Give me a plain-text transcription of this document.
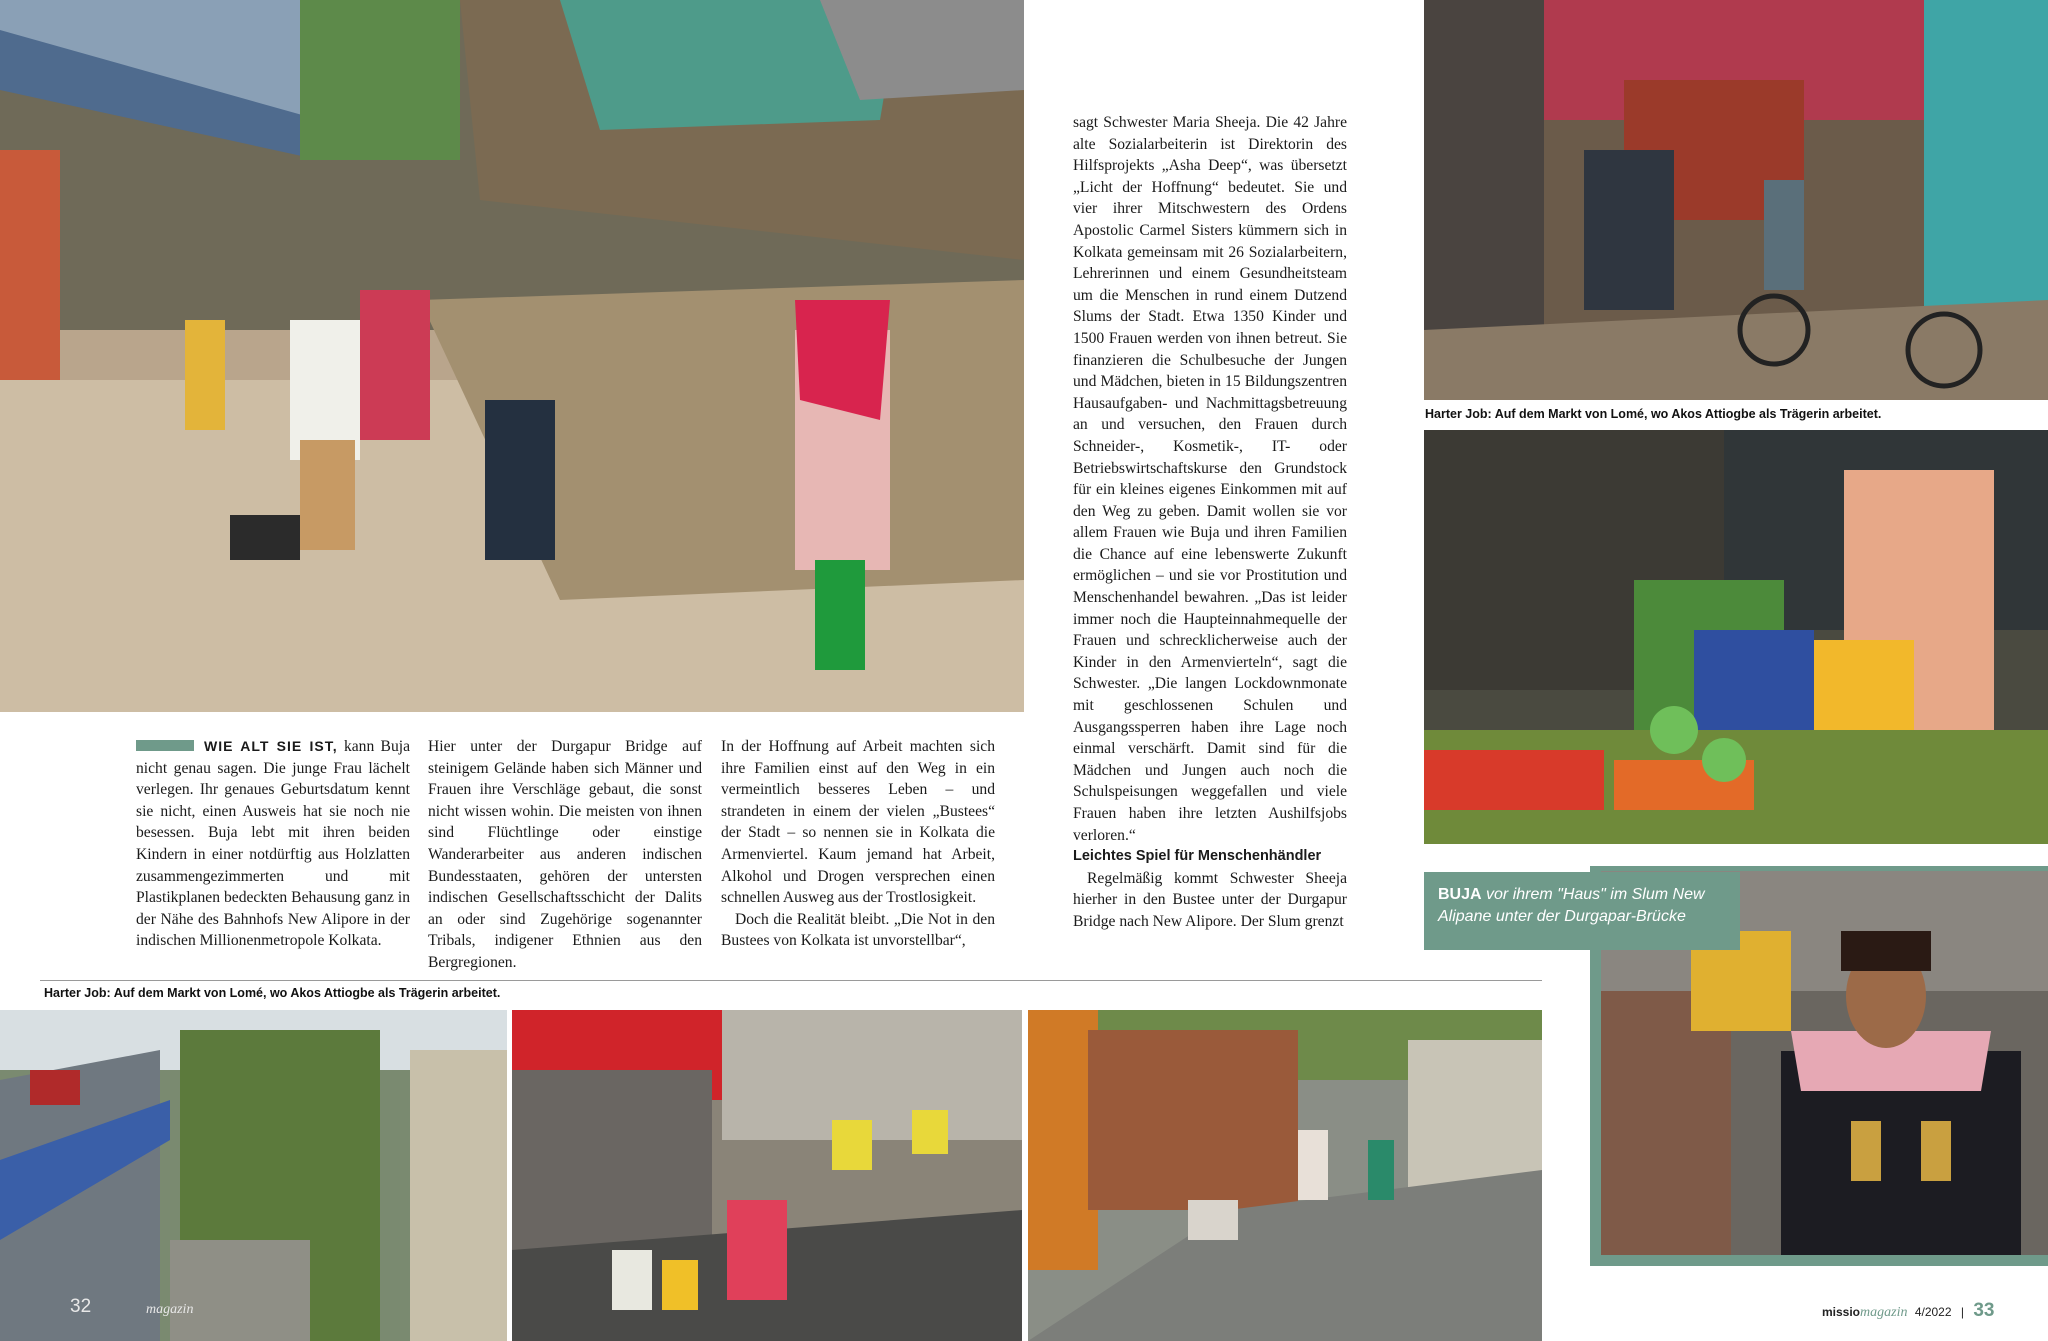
WIE ALT SIE IST, kann Buja nicht genau sagen. Die junge Frau lächelt verlegen. Ihr genaues Geburtsdatum kennt sie nicht, einen Ausweis hat sie noch nie besessen. Buja lebt mit ihren beiden Kindern in einer notdürftig aus Holzlatten zusammengezimmerten und mit Plastikplanen bedeckten Behausung ganz in der Nähe des Bahnhofs New Alipore in der indischen Millionenmetropole Kolkata.

Hier unter der Durgapur Bridge auf steinigem Gelände haben sich Männer und Frauen ihre Verschläge gebaut, die sonst nicht wissen wohin. Die meisten von ihnen sind Flüchtlinge oder einstige Wanderarbeiter aus anderen indischen Bundesstaaten, gehören der untersten indischen Gesellschaftsschicht der Dalits an oder sind Zugehörige sogenannter Tribals, indigener Ethnien aus den Bergregionen.

In der Hoffnung auf Arbeit machten sich ihre Familien einst auf den Weg in ein vermeintlich besseres Leben – und strandeten in einem der vielen „Bustees“ der Stadt – so nennen sie in Kolkata die Armenviertel. Kaum jemand hat Arbeit, Alkohol und Drogen versprechen einen schnellen Ausweg aus der Trostlosigkeit.

Doch die Realität bleibt. „Die Not in den Bustees von Kolkata ist unvorstellbar“,

sagt Schwester Maria Sheeja. Die 42 Jahre alte Sozialarbeiterin ist Direktorin des Hilfsprojekts „Asha Deep“, was übersetzt „Licht der Hoffnung“ bedeutet. Sie und vier ihrer Mitschwestern des Ordens Apostolic Carmel Sisters kümmern sich in Kolkata gemeinsam mit 26 Sozialarbeitern, Lehrerinnen und einem Gesundheitsteam um die Menschen in rund einem Dutzend Slums der Stadt. Etwa 1350 Kinder und 1500 Frauen werden von ihnen betreut. Sie finanzieren die Schulbesuche der Jungen und Mädchen, bieten in 15 Bildungszentren Hausaufgaben- und Nachmittagsbetreuung an und versuchen, den Frauen durch Schneider-, Kosmetik-, IT- oder Betriebswirtschaftskurse den Grundstock für ein kleines eigenes Einkommen mit auf den Weg zu geben. Damit wollen sie vor allem Frauen wie Buja und ihren Familien die Chance auf eine lebenswerte Zukunft ermöglichen – und sie vor Prostitution und Menschenhandel bewahren. „Das ist leider immer noch die Haupteinnahmequelle der Frauen und schrecklicherweise auch der Kinder in den Armenvierteln“, sagt die Schwester. „Die langen Lockdownmonate mit geschlossenen Schulen und Ausgangssperren haben ihre Lage noch einmal verschärft. Damit sind für die Mädchen und Jungen auch noch die Schulspeisungen weggefallen und viele Frauen haben ihre letzten Aushilfsjobs verloren.“

Leichtes Spiel für Menschenhändler

Regelmäßig kommt Schwester Sheeja hierher in den Bustee unter der Durgapur Bridge nach New Alipore. Der Slum grenzt

Harter Job: Auf dem Markt von Lomé, wo Akos Attiogbe als Trägerin arbeitet.
BUJA vor ihrem "Haus" im Slum New Alipane unter der Durgapar-Brücke
Harter Job: Auf dem Markt von Lomé, wo Akos Attiogbe als Trägerin arbeitet.
32	magazin	missiomagazin 4/2022 | 33
